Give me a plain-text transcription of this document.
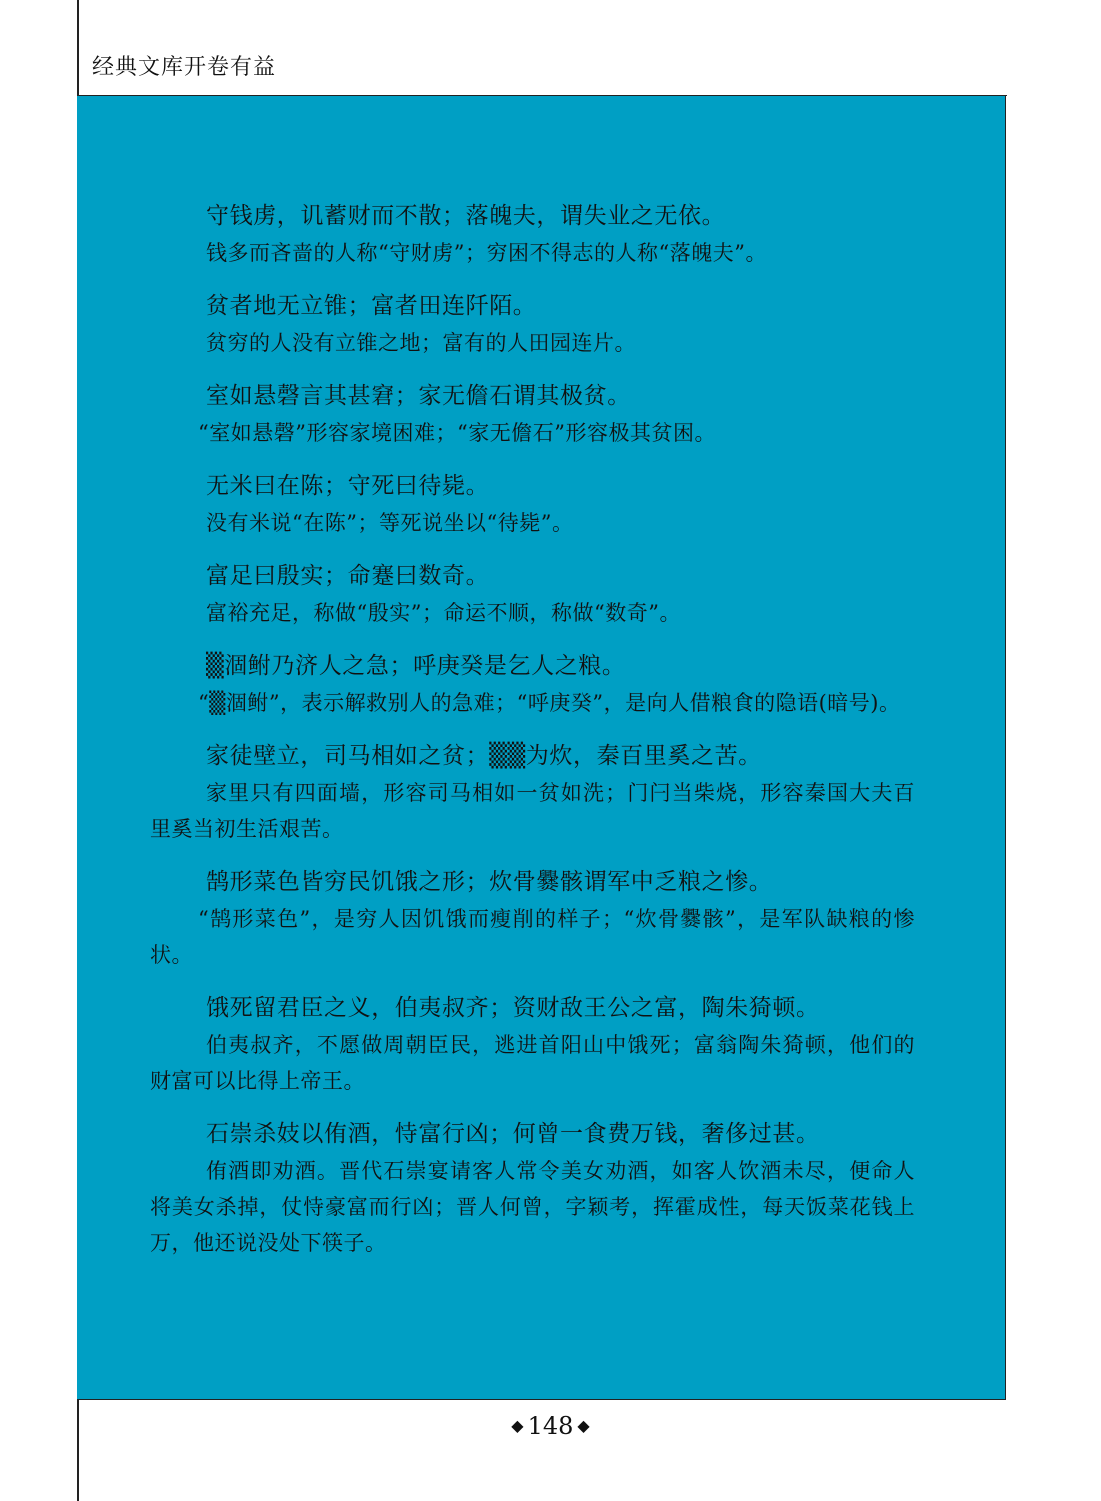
经典文库开卷有益
守钱虏，讥蓄财而不散；落魄夫，谓失业之无依。
钱多而吝啬的人称“守财虏”；穷困不得志的人称“落魄夫”。
贫者地无立锥；富者田连阡陌。
贫穷的人没有立锥之地；富有的人田园连片。
室如悬磬言其甚窘；家无儋石谓其极贫。
“室如悬磬”形容家境困难；“家无儋石”形容极其贫困。
无米曰在陈；守死曰待毙。
没有米说“在陈”；等死说坐以“待毙”。
富足曰殷实；命蹇曰数奇。
富裕充足，称做“殷实”；命运不顺，称做“数奇”。
▒涸鲋乃济人之急；呼庚癸是乞人之粮。
“▒涸鲋”，表示解救别人的急难；“呼庚癸”，是向人借粮食的隐语(暗号)。
家徒壁立，司马相如之贫；▒▒为炊，秦百里奚之苦。
家里只有四面墙，形容司马相如一贫如洗；门闩当柴烧，形容秦国大夫百里奚当初生活艰苦。
鹄形菜色皆穷民饥饿之形；炊骨爨骸谓军中乏粮之惨。
“鹄形菜色”，是穷人因饥饿而瘦削的样子；“炊骨爨骸”，是军队缺粮的惨状。
饿死留君臣之义，伯夷叔齐；资财敌王公之富，陶朱猗顿。
伯夷叔齐，不愿做周朝臣民，逃进首阳山中饿死；富翁陶朱猗顿，他们的财富可以比得上帝王。
石崇杀妓以侑酒，恃富行凶；何曾一食费万钱，奢侈过甚。
侑酒即劝酒。晋代石崇宴请客人常令美女劝酒，如客人饮酒未尽，便命人将美女杀掉，仗恃豪富而行凶；晋人何曾，字颖考，挥霍成性，每天饭菜花钱上万，他还说没处下筷子。
◆ 148 ◆
